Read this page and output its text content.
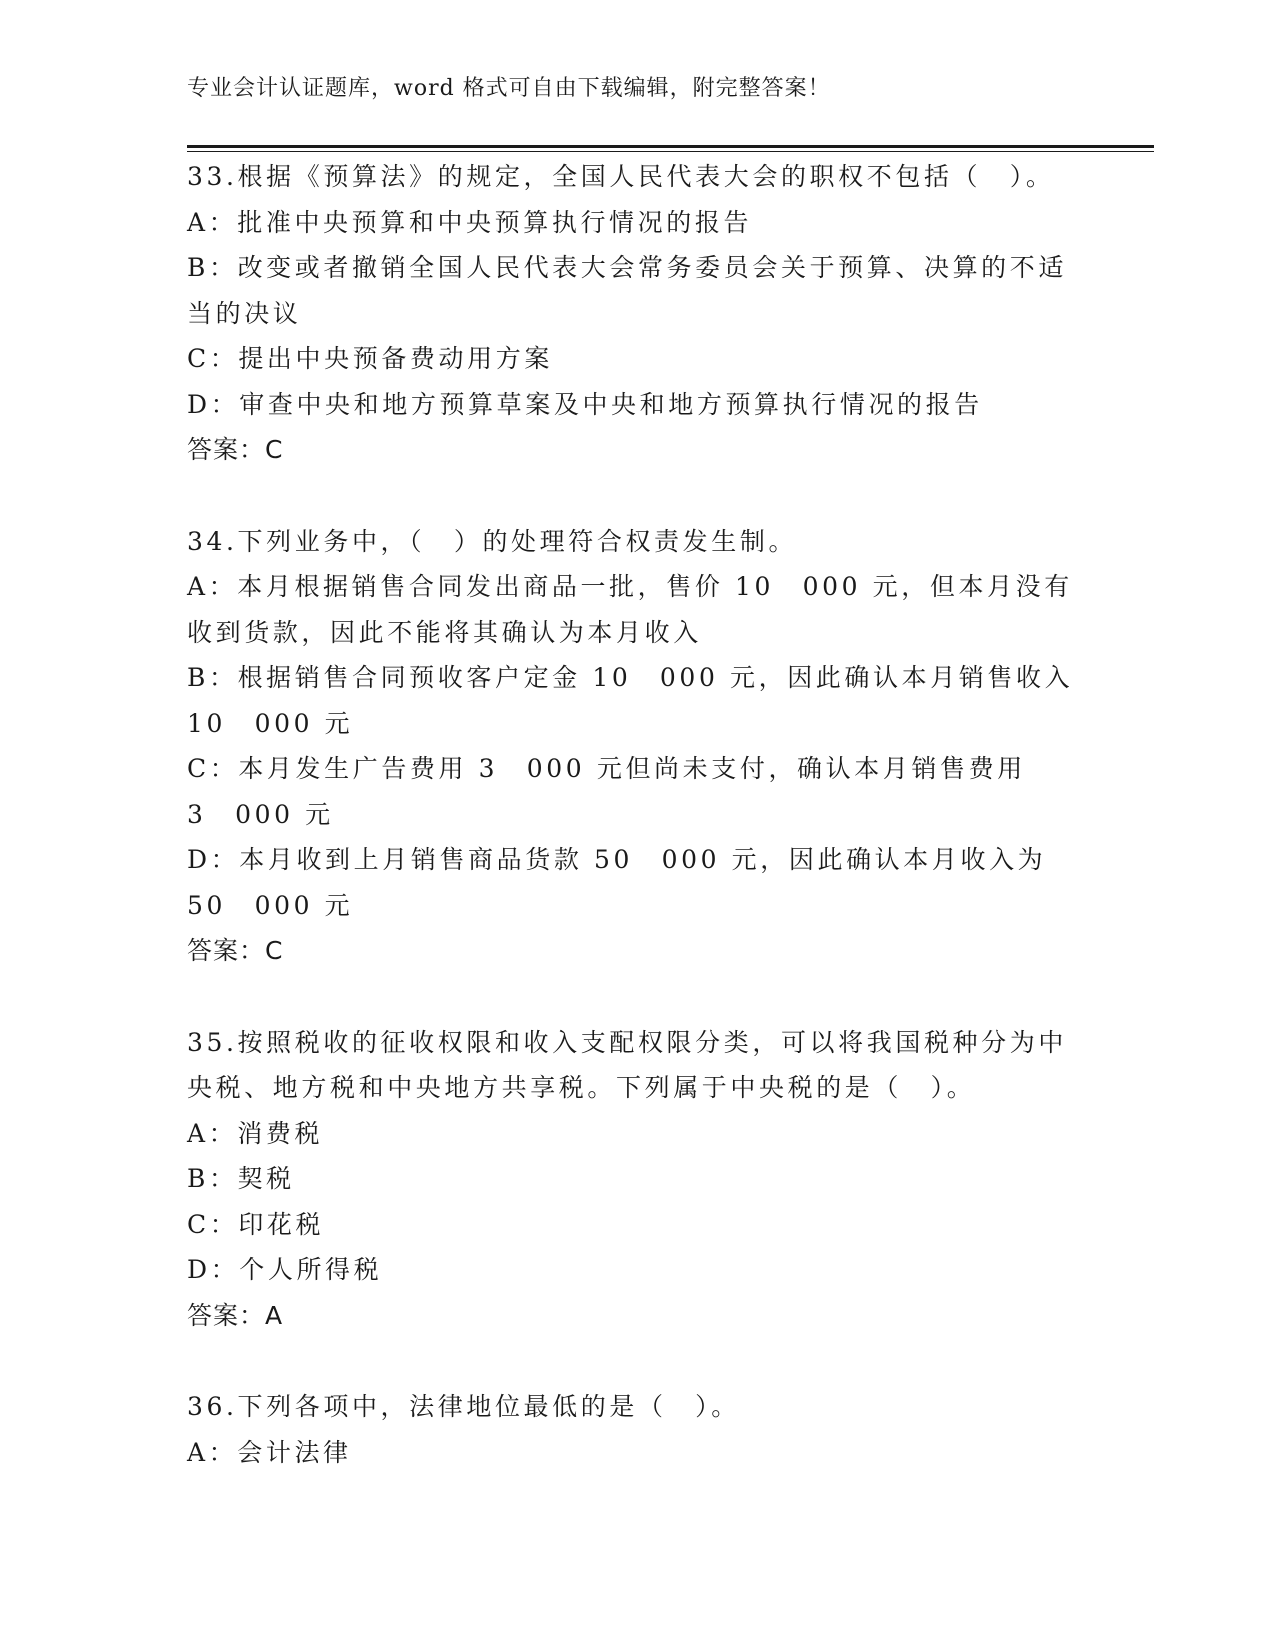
专业会计认证题库，word 格式可自由下载编辑，附完整答案！

33.根据《预算法》的规定，全国人民代表大会的职权不包括（　）。

A：批准中央预算和中央预算执行情况的报告

B：改变或者撤销全国人民代表大会常务委员会关于预算、决算的不适当的决议

C：提出中央预备费动用方案

D：审查中央和地方预算草案及中央和地方预算执行情况的报告

答案：C

34.下列业务中，（　）的处理符合权责发生制。

A：本月根据销售合同发出商品一批，售价 10　000 元，但本月没有收到货款，因此不能将其确认为本月收入

B：根据销售合同预收客户定金 10　000 元，因此确认本月销售收入
10　000 元

C：本月发生广告费用 3　000 元但尚未支付，确认本月销售费用
3　000 元

D：本月收到上月销售商品货款 50　000 元，因此确认本月收入为
50　000 元

答案：C

35.按照税收的征收权限和收入支配权限分类，可以将我国税种分为中央税、地方税和中央地方共享税。下列属于中央税的是（　）。

A：消费税

B：契税

C：印花税

D：个人所得税

答案：A

36.下列各项中，法律地位最低的是（　）。

A：会计法律
